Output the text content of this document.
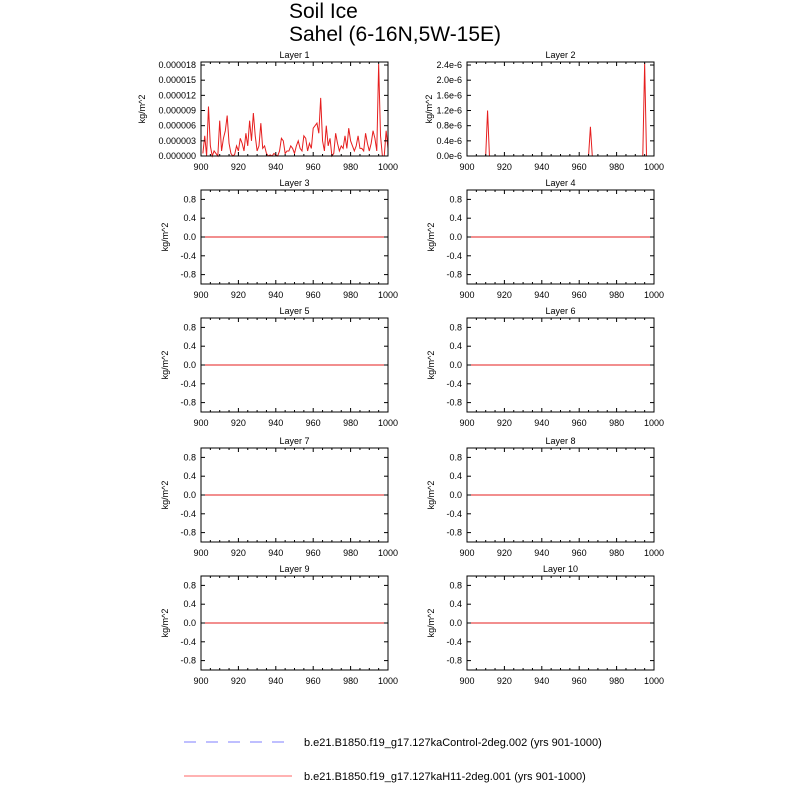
Soil Ice
Sahel (6-16N,5W-15E)
Layer 1
kg/m^2
900 920 940 960 980 1000
0.000000
0.000003
0.000006
0.000009
0.000012
0.000015
0.000018
Layer 2
kg/m^2
900 920 940 960 980 1000
0.0e-6
0.4e-6
0.8e-6
1.2e-6
1.6e-6
2.0e-6
2.4e-6
Layer 3
kg/m^2
900 920 940 960 980 1000
-0.8
-0.4
0.0
0.4
0.8
Layer 4
kg/m^2
900 920 940 960 980 1000
-0.8
-0.4
0.0
0.4
0.8
Layer 5
kg/m^2
900 920 940 960 980 1000
-0.8
-0.4
0.0
0.4
0.8
Layer 6
kg/m^2
900 920 940 960 980 1000
-0.8
-0.4
0.0
0.4
0.8
Layer 7
kg/m^2
900 920 940 960 980 1000
-0.8
-0.4
0.0
0.4
0.8
Layer 8
kg/m^2
900 920 940 960 980 1000
-0.8
-0.4
0.0
0.4
0.8
Layer 9
kg/m^2
900 920 940 960 980 1000
-0.8
-0.4
0.0
0.4
0.8
Layer 10
kg/m^2
900 920 940 960 980 1000
-0.8
-0.4
0.0
0.4
0.8
b.e21.B1850.f19_g17.127kaControl-2deg.002 (yrs 901-1000)
b.e21.B1850.f19_g17.127kaH11-2deg.001 (yrs 901-1000)
